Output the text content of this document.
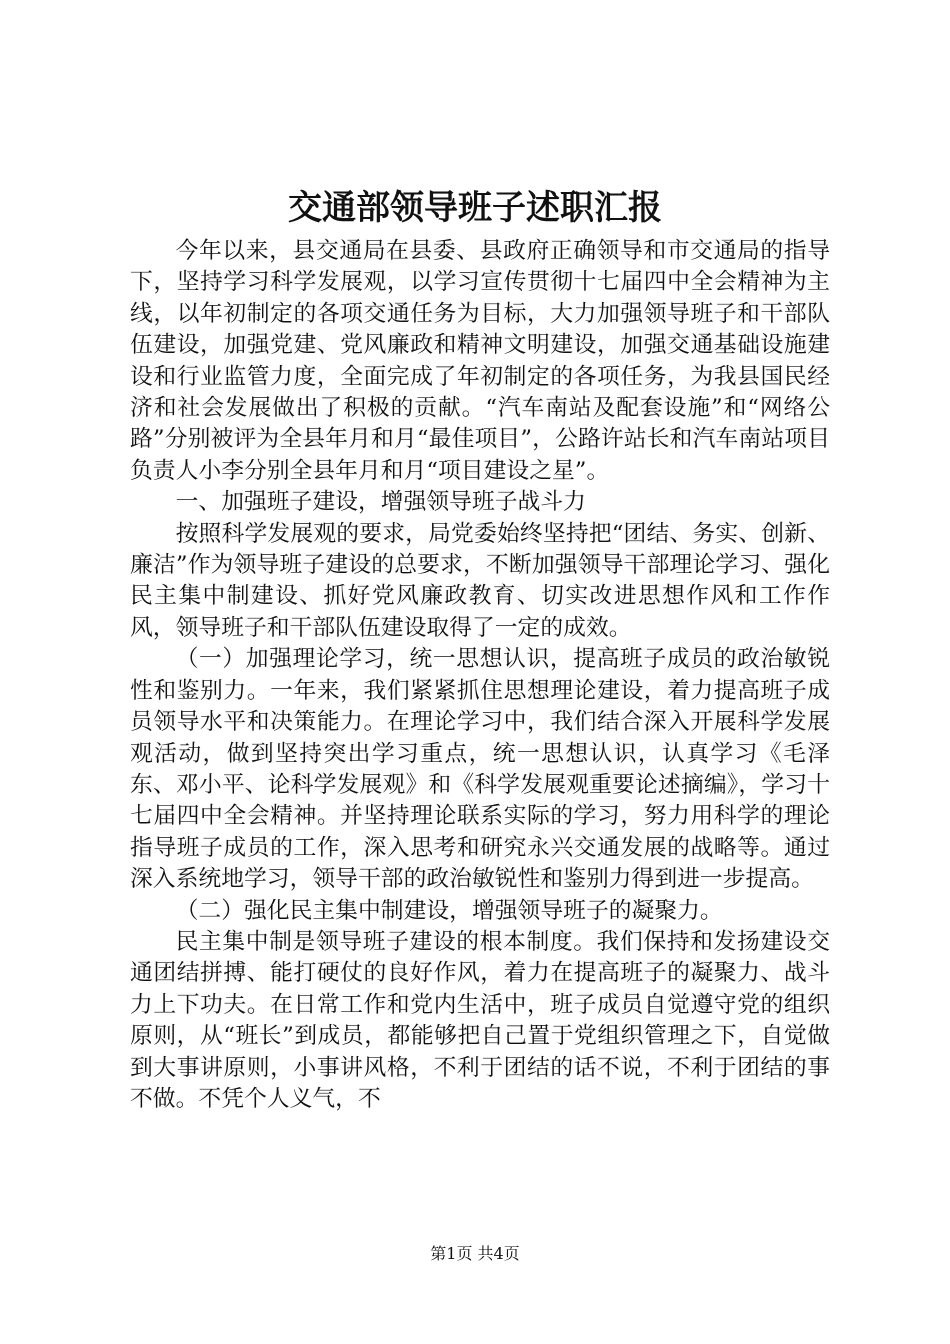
交通部领导班子述职汇报

今年以来，县交通局在县委、县政府正确领导和市交通局的指导下，坚持学习科学发展观，以学习宣传贯彻十七届四中全会精神为主线，以年初制定的各项交通任务为目标，大力加强领导班子和干部队伍建设，加强党建、党风廉政和精神文明建设，加强交通基础设施建设和行业监管力度，全面完成了年初制定的各项任务，为我县国民经济和社会发展做出了积极的贡献。“汽车南站及配套设施”和“网络公路”分别被评为全县年月和月“最佳项目”，公路许站长和汽车南站项目负责人小李分别全县年月和月“项目建设之星”。

一、加强班子建设，增强领导班子战斗力

按照科学发展观的要求，局党委始终坚持把“团结、务实、创新、廉洁”作为领导班子建设的总要求，不断加强领导干部理论学习、强化民主集中制建设、抓好党风廉政教育、切实改进思想作风和工作作风，领导班子和干部队伍建设取得了一定的成效。

（一）加强理论学习，统一思想认识，提高班子成员的政治敏锐性和鉴别力。一年来，我们紧紧抓住思想理论建设，着力提高班子成员领导水平和决策能力。在理论学习中，我们结合深入开展科学发展观活动，做到坚持突出学习重点，统一思想认识，认真学习《毛泽东、邓小平、论科学发展观》和《科学发展观重要论述摘编》，学习十七届四中全会精神。并坚持理论联系实际的学习，努力用科学的理论指导班子成员的工作，深入思考和研究永兴交通发展的战略等。通过深入系统地学习，领导干部的政治敏锐性和鉴别力得到进一步提高。

（二）强化民主集中制建设，增强领导班子的凝聚力。

民主集中制是领导班子建设的根本制度。我们保持和发扬建设交通团结拼搏、能打硬仗的良好作风，着力在提高班子的凝聚力、战斗力上下功夫。在日常工作和党内生活中，班子成员自觉遵守党的组织原则，从“班长”到成员，都能够把自己置于党组织管理之下，自觉做到大事讲原则，小事讲风格，不利于团结的话不说，不利于团结的事不做。不凭个人义气，不

第1页 共4页
